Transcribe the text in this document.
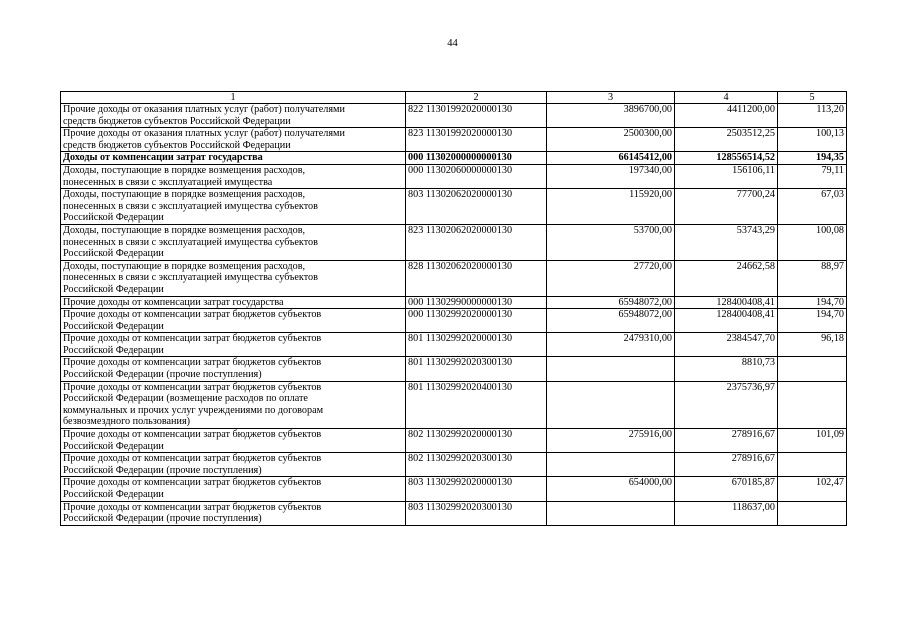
44
1	2	3	4	5
Прочие доходы от оказания платных услуг (работ) получателями
средств бюджетов субъектов Российской Федерации	822 11301992020000130	3896700,00	4411200,00	113,20
Прочие доходы от оказания платных услуг (работ) получателями
средств бюджетов субъектов Российской Федерации	823 11301992020000130	2500300,00	2503512,25	100,13
Доходы от компенсации затрат государства	000 11302000000000130	66145412,00	128556514,52	194,35
Доходы, поступающие в порядке возмещения расходов,
понесенных в связи с эксплуатацией имущества	000 11302060000000130	197340,00	156106,11	79,11
Доходы, поступающие в порядке возмещения расходов,
понесенных в связи с эксплуатацией имущества субъектов
Российской Федерации	803 11302062020000130	115920,00	77700,24	67,03
Доходы, поступающие в порядке возмещения расходов,
понесенных в связи с эксплуатацией имущества субъектов
Российской Федерации	823 11302062020000130	53700,00	53743,29	100,08
Доходы, поступающие в порядке возмещения расходов,
понесенных в связи с эксплуатацией имущества субъектов
Российской Федерации	828 11302062020000130	27720,00	24662,58	88,97
Прочие доходы от компенсации затрат государства	000 11302990000000130	65948072,00	128400408,41	194,70
Прочие доходы от компенсации затрат бюджетов субъектов
Российской Федерации	000 11302992020000130	65948072,00	128400408,41	194,70
Прочие доходы от компенсации затрат бюджетов субъектов
Российской Федерации	801 11302992020000130	2479310,00	2384547,70	96,18
Прочие доходы от компенсации затрат бюджетов субъектов
Российской Федерации (прочие поступления)	801 11302992020300130		8810,73	
Прочие доходы от компенсации затрат бюджетов субъектов
Российской Федерации (возмещение расходов по оплате
коммунальных и прочих услуг учреждениями по договорам
безвозмездного пользования)	801 11302992020400130		2375736,97	
Прочие доходы от компенсации затрат бюджетов субъектов
Российской Федерации	802 11302992020000130	275916,00	278916,67	101,09
Прочие доходы от компенсации затрат бюджетов субъектов
Российской Федерации (прочие поступления)	802 11302992020300130		278916,67	
Прочие доходы от компенсации затрат бюджетов субъектов
Российской Федерации	803 11302992020000130	654000,00	670185,87	102,47
Прочие доходы от компенсации затрат бюджетов субъектов
Российской Федерации (прочие поступления)	803 11302992020300130		118637,00	
